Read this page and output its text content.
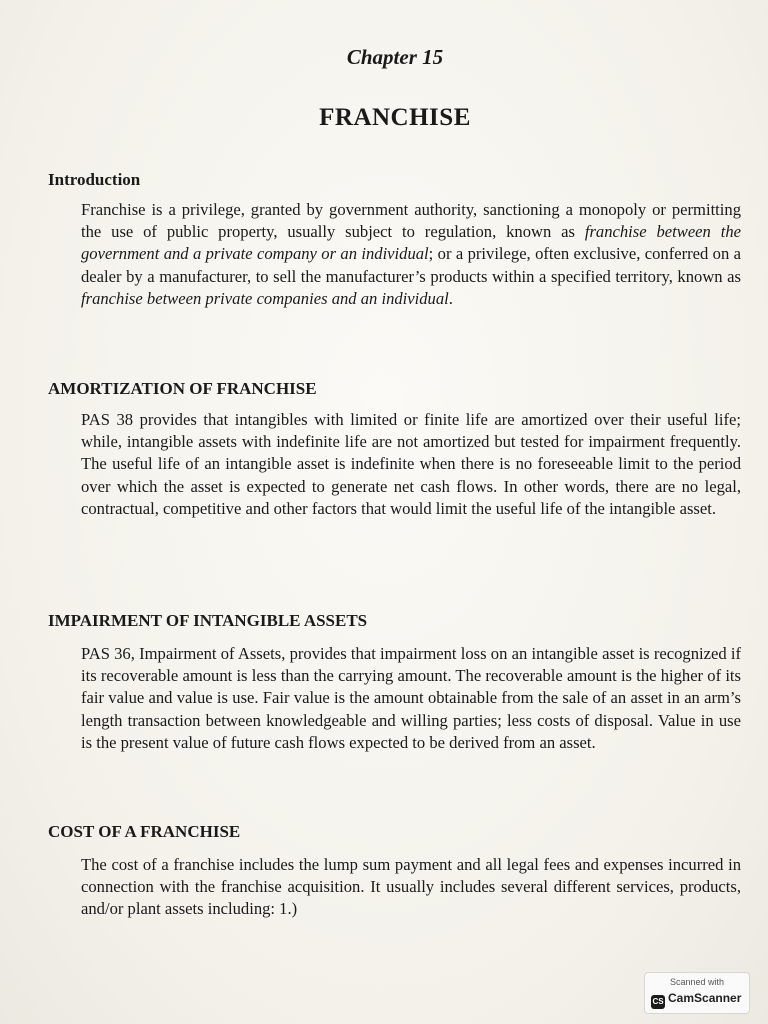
Chapter 15
FRANCHISE
Introduction
Franchise is a privilege, granted by government authority, sanctioning a monopoly or permitting the use of public property, usually subject to regulation, known as franchise between the government and a private company or an individual; or a privilege, often exclusive, conferred on a dealer by a manufacturer, to sell the manufacturer’s products within a specified territory, known as franchise between private companies and an individual.
AMORTIZATION OF FRANCHISE
PAS 38 provides that intangibles with limited or finite life are amortized over their useful life; while, intangible assets with indefinite life are not amortized but tested for impairment frequently. The useful life of an intangible asset is indefinite when there is no foreseeable limit to the period over which the asset is expected to generate net cash flows. In other words, there are no legal, contractual, competitive and other factors that would limit the useful life of the intangible asset.
IMPAIRMENT OF INTANGIBLE ASSETS
PAS 36, Impairment of Assets, provides that impairment loss on an intangible asset is recognized if its recoverable amount is less than the carrying amount. The recoverable amount is the higher of its fair value and value is use. Fair value is the amount obtainable from the sale of an asset in an arm’s length transaction between knowledgeable and willing parties; less costs of disposal. Value in use is the present value of future cash flows expected to be derived from an asset.
COST OF A FRANCHISE
The cost of a franchise includes the lump sum payment and all legal fees and expenses incurred in connection with the franchise acquisition. It usually includes several different services, products, and/or plant assets including: 1.)
Scanned with
CS CamScanner
